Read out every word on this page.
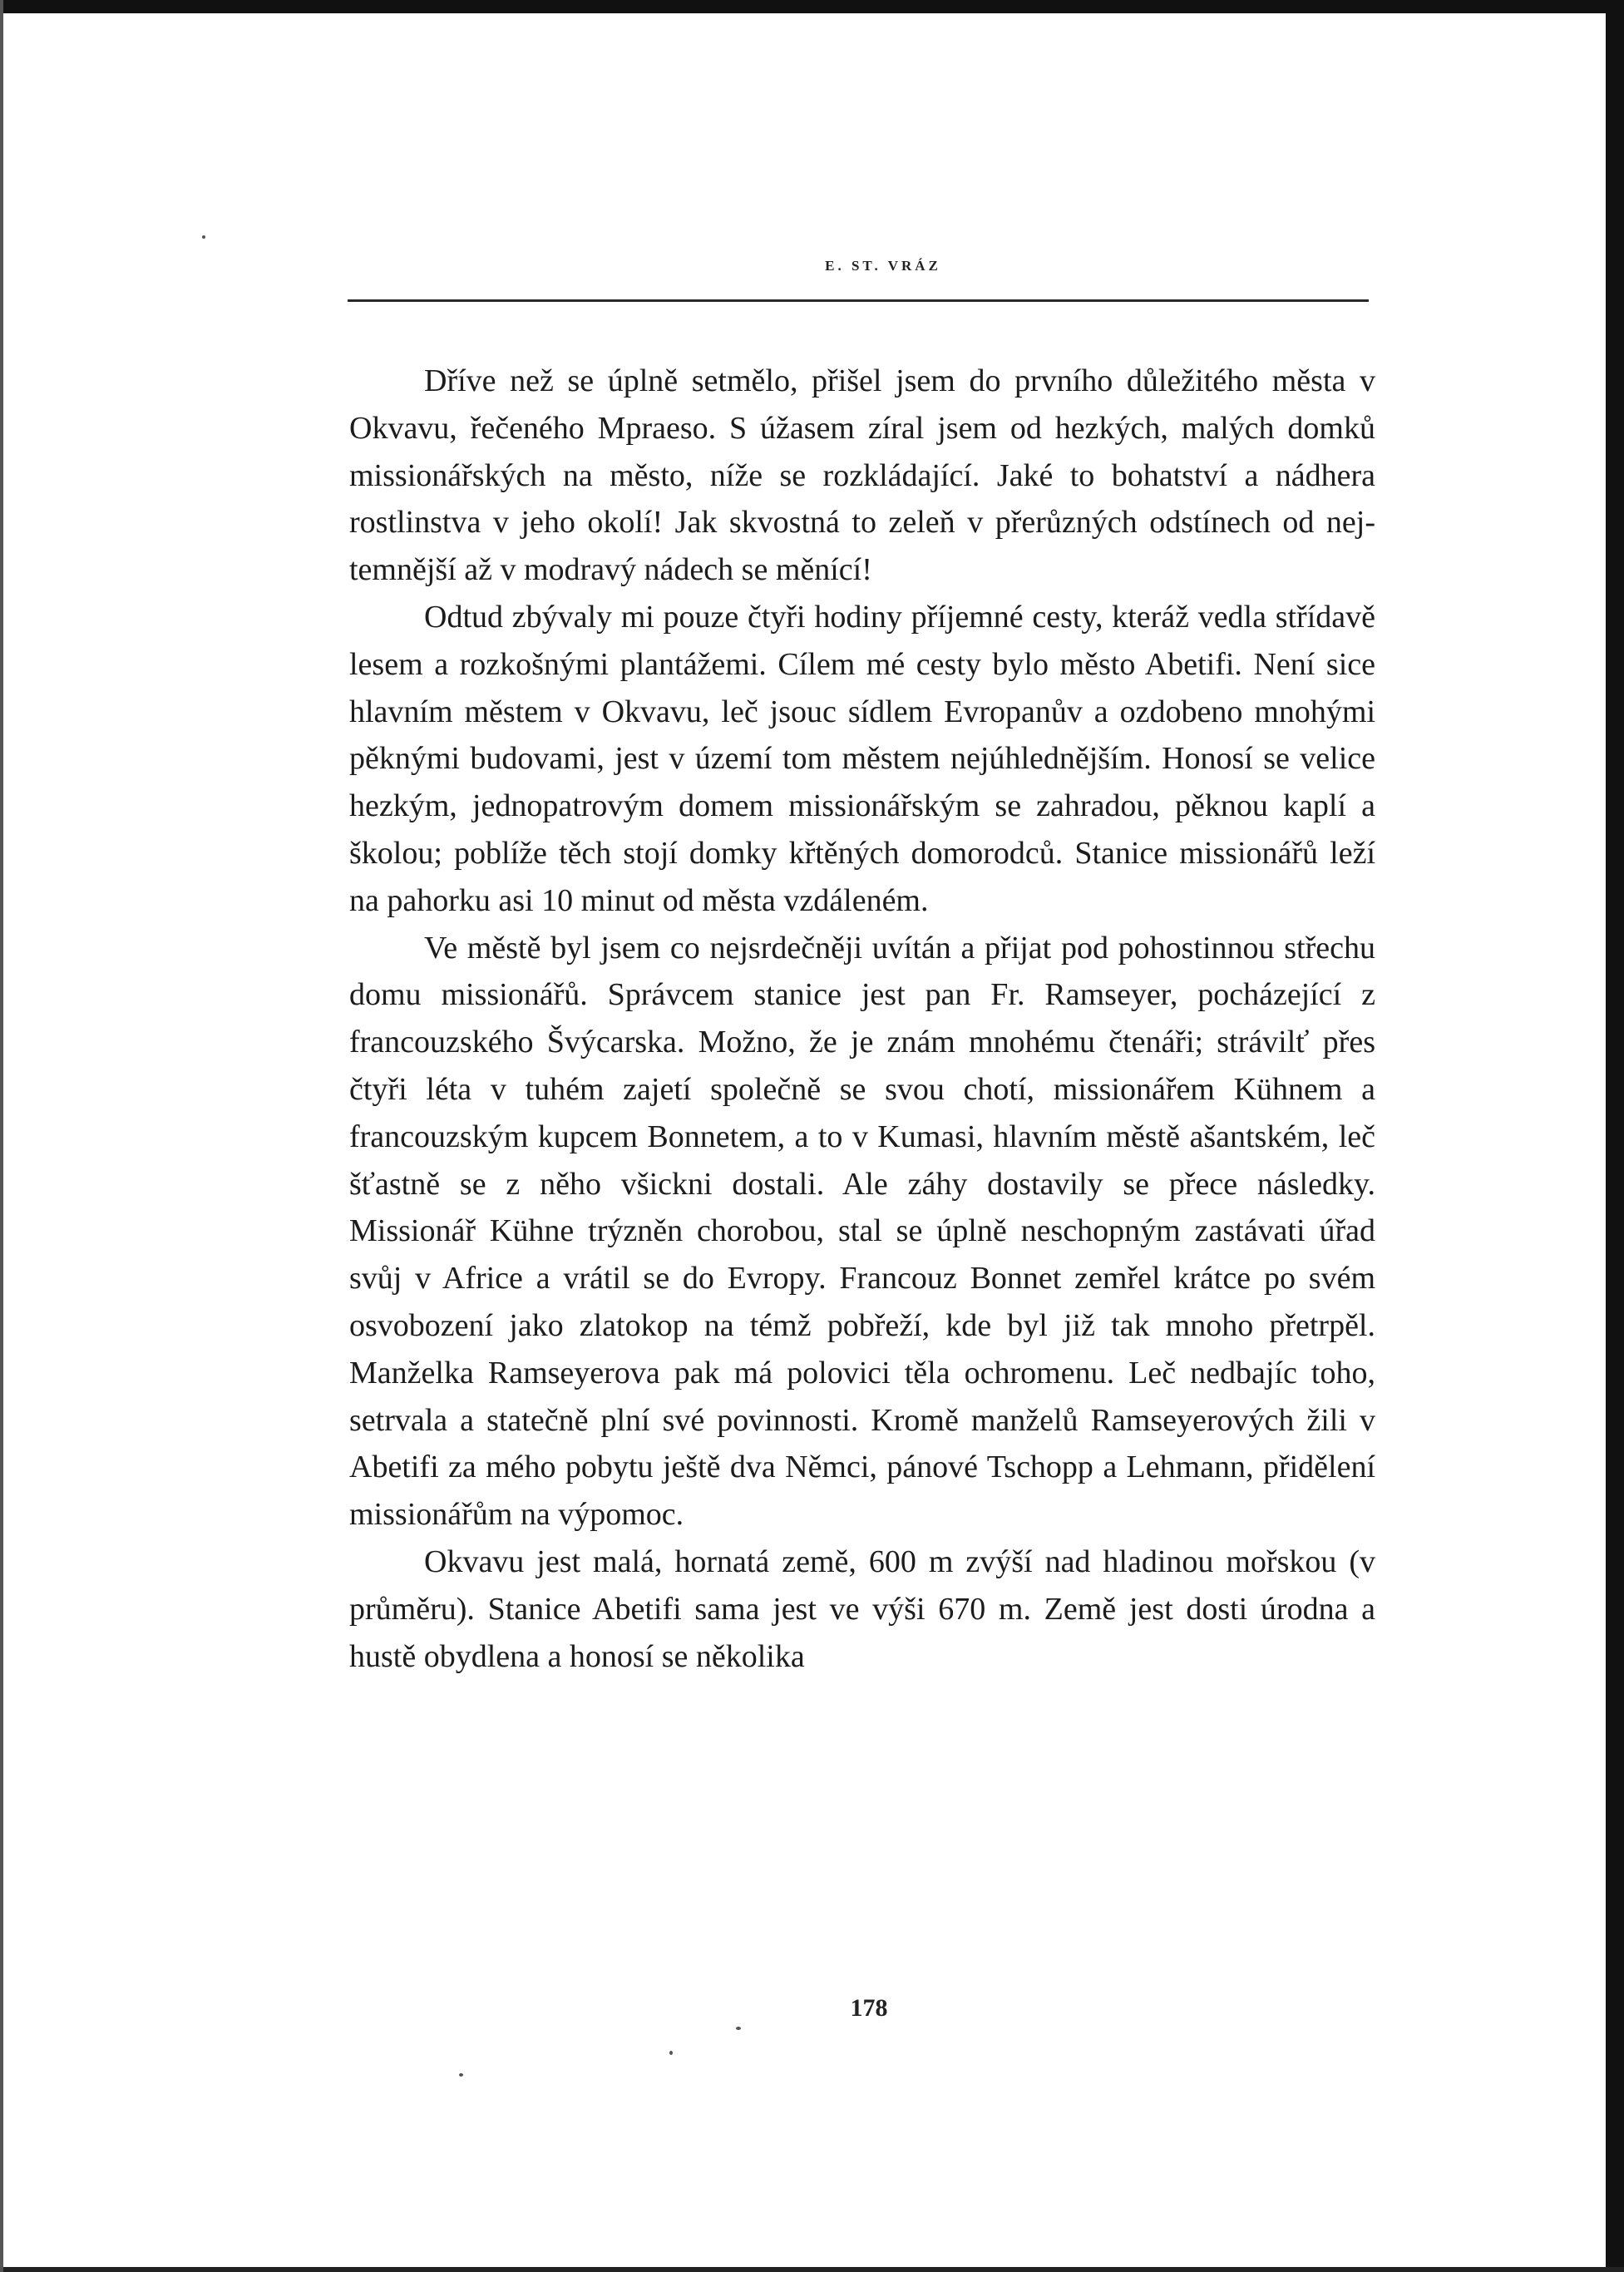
E. ST. VRÁZ

Dříve než se úplně setmělo, přišel jsem do prvního důležitého města v Okvavu, řečeného Mpraeso. S úžasem zíral jsem od hezkých, malých domků missionářských na město, níže se rozkládající. Jaké to bohatství a nádhera rostlinstva v jeho okolí! Jak skvostná to zeleň v přerůzných odstínech od nejtemnější až v modravý nádech se měnící!

Odtud zbývaly mi pouze čtyři hodiny příjemné cesty, kteráž vedla střídavě lesem a rozkošnými plantážemi. Cílem mé cesty bylo město Abetifi. Není sice hlavním městem v Okvavu, leč jsouc sídlem Evropanův a ozdobeno mnohými pěknými budovami, jest v území tom městem nejúhlednějším. Honosí se velice hezkým, jednopatrovým domem missionářským se zahradou, pěknou kaplí a školou; poblíže těch stojí domky křtěných domorodců. Stanice missionářů leží na pahorku asi 10 minut od města vzdáleném.

Ve městě byl jsem co nejsrdečněji uvítán a přijat pod pohostinnou střechu domu missionářů. Správcem stanice jest pan Fr. Ramseyer, pocházející z francouzského Švýcarska. Možno, že je znám mnohému čtenáři; strávilť přes čtyři léta v tuhém zajetí společně se svou chotí, missionářem Kühnem a francouzským kupcem Bonnetem, a to v Kumasi, hlavním městě ašantském, leč šťastně se z něho všickni dostali. Ale záhy dostavily se přece následky. Missionář Kühne trýzněn chorobou, stal se úplně neschopným zastávati úřad svůj v Africe a vrátil se do Evropy. Francouz Bonnet zemřel krátce po svém osvobození jako zlatokop na témž pobřeží, kde byl již tak mnoho přetrpěl. Manželka Ramseyerova pak má polovici těla ochromenu. Leč nedbajíc toho, setrvala a statečně plní své povinnosti. Kromě manželů Ramseyerových žili v Abetifi za mého pobytu ještě dva Němci, pánové Tschopp a Lehmann, přidělení missionářům na výpomoc.

Okvavu jest malá, hornatá země, 600 m zvýší nad hladinou mořskou (v průměru). Stanice Abetifi sama jest ve výši 670 m. Země jest dosti úrodna a hustě obydlena a honosí se několika

178
